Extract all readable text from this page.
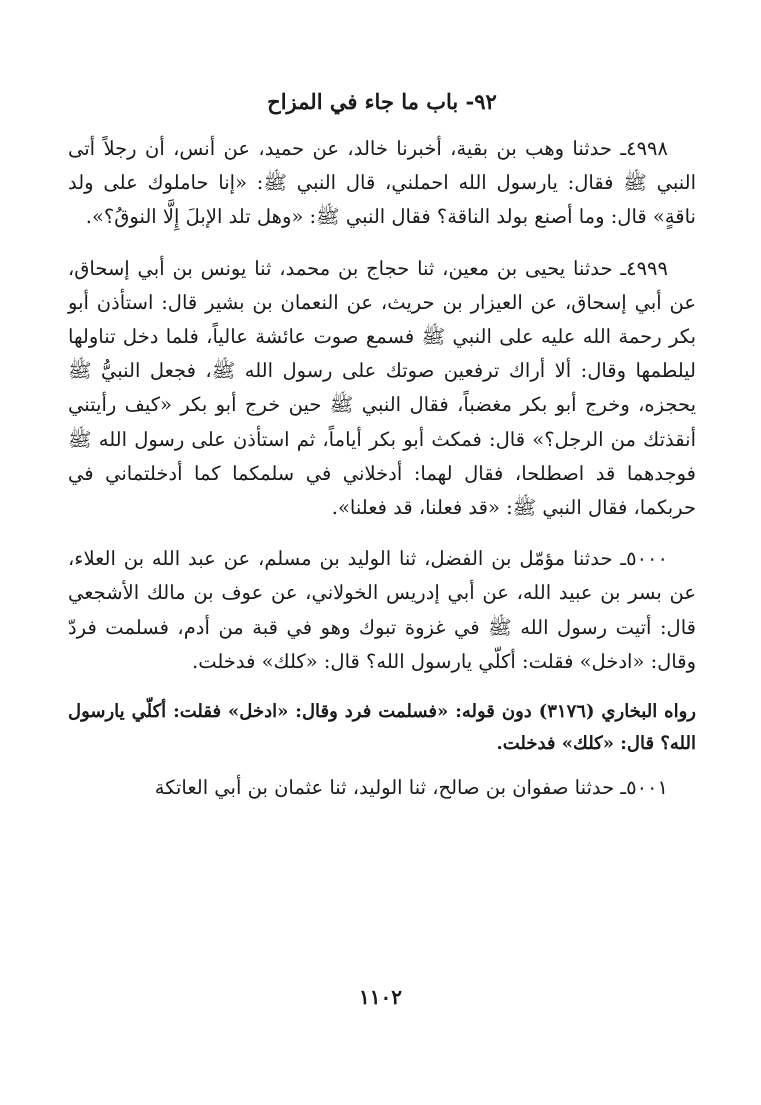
٩٢- باب ما جاء في المزاح

٤٩٩٨ـ حدثنا وهب بن بقية، أخبرنا خالد، عن حميد، عن أنس، أن رجلاً أتى النبي ﷺ فقال: يارسول الله احملني، قال النبي ﷺ: «إنا حاملوك على ولد ناقةٍ» قال: وما أصنع بولد الناقة؟ فقال النبي ﷺ: «وهل تلد الإبلَ إِلَّا النوقُ؟».

٤٩٩٩ـ حدثنا يحيى بن معين، ثنا حجاج بن محمد، ثنا يونس بن أبي إسحاق، عن أبي إسحاق، عن العيزار بن حريث، عن النعمان بن بشير قال: استأذن أبو بكر رحمة الله عليه على النبي ﷺ فسمع صوت عائشة عالياً، فلما دخل تناولها ليلطمها وقال: ألا أراك ترفعين صوتك على رسول الله ﷺ، فجعل النبيُّ ﷺ يحجزه، وخرج أبو بكر مغضباً، فقال النبي ﷺ حين خرج أبو بكر «كيف رأيتني أنقذتك من الرجل؟» قال: فمكث أبو بكر أياماً، ثم استأذن على رسول الله ﷺ فوجدهما قد اصطلحا، فقال لهما: أدخلاني في سلمكما كما أدخلتماني في حربكما، فقال النبي ﷺ: «قد فعلنا، قد فعلنا».

٥٠٠٠ـ حدثنا مؤمّل بن الفضل، ثنا الوليد بن مسلم، عن عبد الله بن العلاء، عن بسر بن عبيد الله، عن أبي إدريس الخولاني، عن عوف بن مالك الأشجعي قال: أتيت رسول الله ﷺ في غزوة تبوك وهو في قبة من أدم، فسلمت فردّ وقال: «ادخل» فقلت: أكلّي يارسول الله؟ قال: «كلك» فدخلت.

رواه البخاري (٣١٧٦) دون قوله: «فسلمت فرد وقال: «ادخل» فقلت: أكلّي يارسول الله؟ قال: «كلك» فدخلت.

٥٠٠١ـ حدثنا صفوان بن صالح، ثنا الوليد، ثنا عثمان بن أبي العاتكة

١١٠٢
